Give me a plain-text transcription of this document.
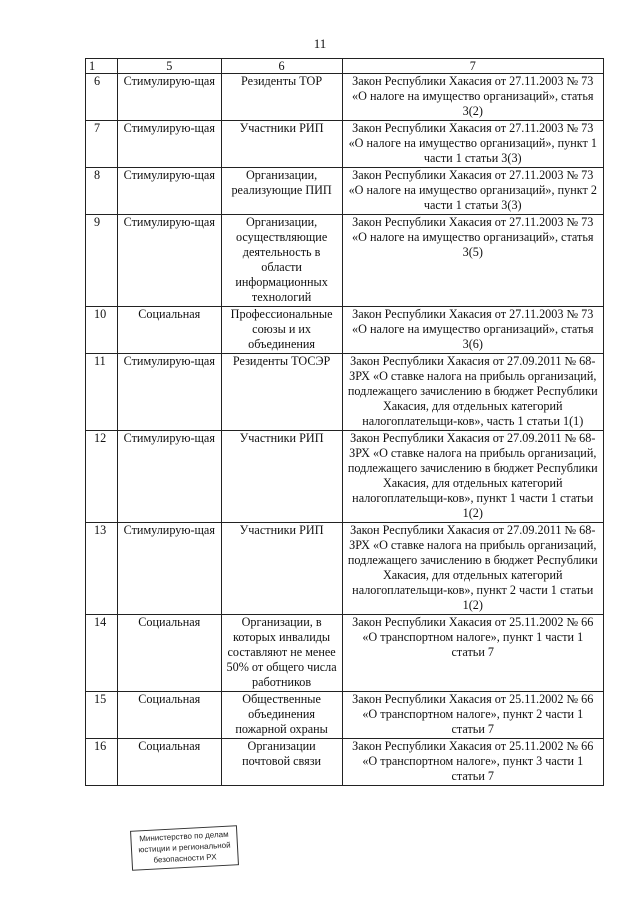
11
1	5	6	7
6	Стимулирую-щая	Резиденты ТОР	Закон Республики Хакасия от 27.11.2003 № 73 «О налоге на имущество организаций», статья 3(2)
7	Стимулирую-щая	Участники РИП	Закон Республики Хакасия от 27.11.2003 № 73 «О налоге на имущество организаций», пункт 1 части 1 статьи 3(3)
8	Стимулирую-щая	Организации, реализующие ПИП	Закон Республики Хакасия от 27.11.2003 № 73 «О налоге на имущество организаций», пункт 2 части 1 статьи 3(3)
9	Стимулирую-щая	Организации, осуществляющие деятельность в области информационных технологий	Закон Республики Хакасия от 27.11.2003 № 73 «О налоге на имущество организаций», статья 3(5)
10	Социальная	Профессиональные союзы и их объединения	Закон Республики Хакасия от 27.11.2003 № 73 «О налоге на имущество организаций», статья 3(6)
11	Стимулирую-щая	Резиденты ТОСЭР	Закон Республики Хакасия от 27.09.2011 № 68-ЗРХ «О ставке налога на прибыль организаций, подлежащего зачислению в бюджет Республики Хакасия, для отдельных категорий налогоплательщи-ков», часть 1 статьи 1(1)
12	Стимулирую-щая	Участники РИП	Закон Республики Хакасия от 27.09.2011 № 68-ЗРХ «О ставке налога на прибыль организаций, подлежащего зачислению в бюджет Республики Хакасия, для отдельных категорий налогоплательщи-ков», пункт 1 части 1 статьи 1(2)
13	Стимулирую-щая	Участники РИП	Закон Республики Хакасия от 27.09.2011 № 68-ЗРХ «О ставке налога на прибыль организаций, подлежащего зачислению в бюджет Республики Хакасия, для отдельных категорий налогоплательщи-ков», пункт 2 части 1 статьи 1(2)
14	Социальная	Организации, в которых инвалиды составляют не менее 50% от общего числа работников	Закон Республики Хакасия от 25.11.2002 № 66 «О транспортном налоге», пункт 1 части 1 статьи 7
15	Социальная	Общественные объединения пожарной охраны	Закон Республики Хакасия от 25.11.2002 № 66 «О транспортном налоге», пункт 2 части 1 статьи 7
16	Социальная	Организации почтовой связи	Закон Республики Хакасия от 25.11.2002 № 66 «О транспортном налоге», пункт 3 части 1 статьи 7
Министерство по делам
юстиции и региональной
безопасности РХ
